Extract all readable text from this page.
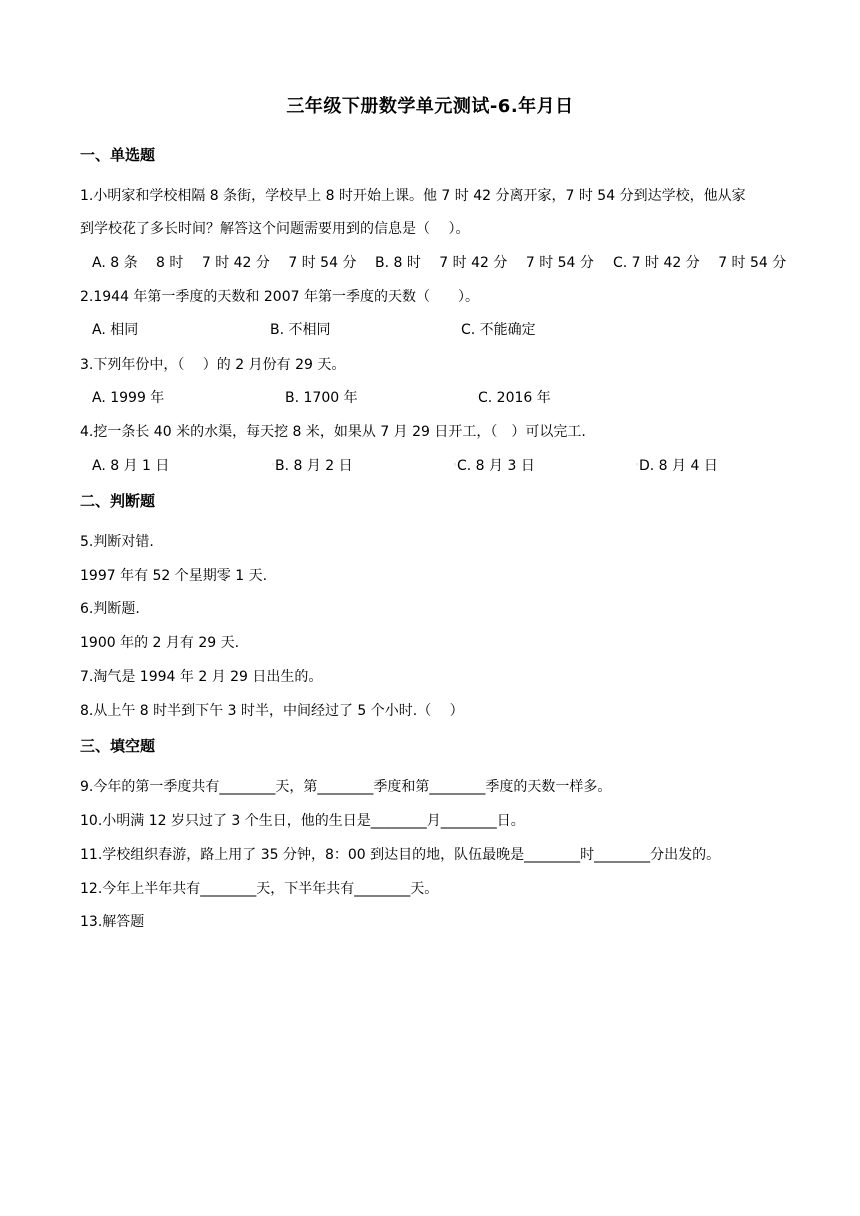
三年级下册数学单元测试-6.年月日
一、单选题
1.小明家和学校相隔 8 条街，学校早上 8 时开始上课。他 7 时 42 分离开家，7 时 54 分到达学校，他从家
到学校花了多长时间？解答这个问题需要用到的信息是（　 ）。
A. 8 条　 8 时　 7 时 42 分　 7 时 54 分 B. 8 时　 7 时 42 分　 7 时 54 分 C. 7 时 42 分　 7 时 54 分
2.1944 年第一季度的天数和 2007 年第一季度的天数（　　）。
A. 相同	B. 不相同	C. 不能确定
3.下列年份中，（　 ）的 2 月份有 29 天。
A. 1999 年	B. 1700 年	C. 2016 年
4.挖一条长 40 米的水渠，每天挖 8 米，如果从 7 月 29 日开工，（　）可以完工.
A. 8 月 1 日	◦ B. 8 月 2 日	◦ C. 8 月 3 日	◦ D. 8 月 4 日
二、判断题
5.判断对错.
1997 年有 52 个星期零 1 天.
6.判断题.
1900 年的 2 月有 29 天.
7.淘气是 1994 年 2 月 29 日出生的。
8.从上午 8 时半到下午 3 时半，中间经过了 5 个小时.（　 ）
三、填空题
9.今年的第一季度共有________天，第________季度和第________季度的天数一样多。
10.小明满 12 岁只过了 3 个生日，他的生日是________月________日。
11.学校组织春游，路上用了 35 分钟，8：00 到达目的地，队伍最晚是________时________分出发的。
12.今年上半年共有________天，下半年共有________天。
13.解答题
